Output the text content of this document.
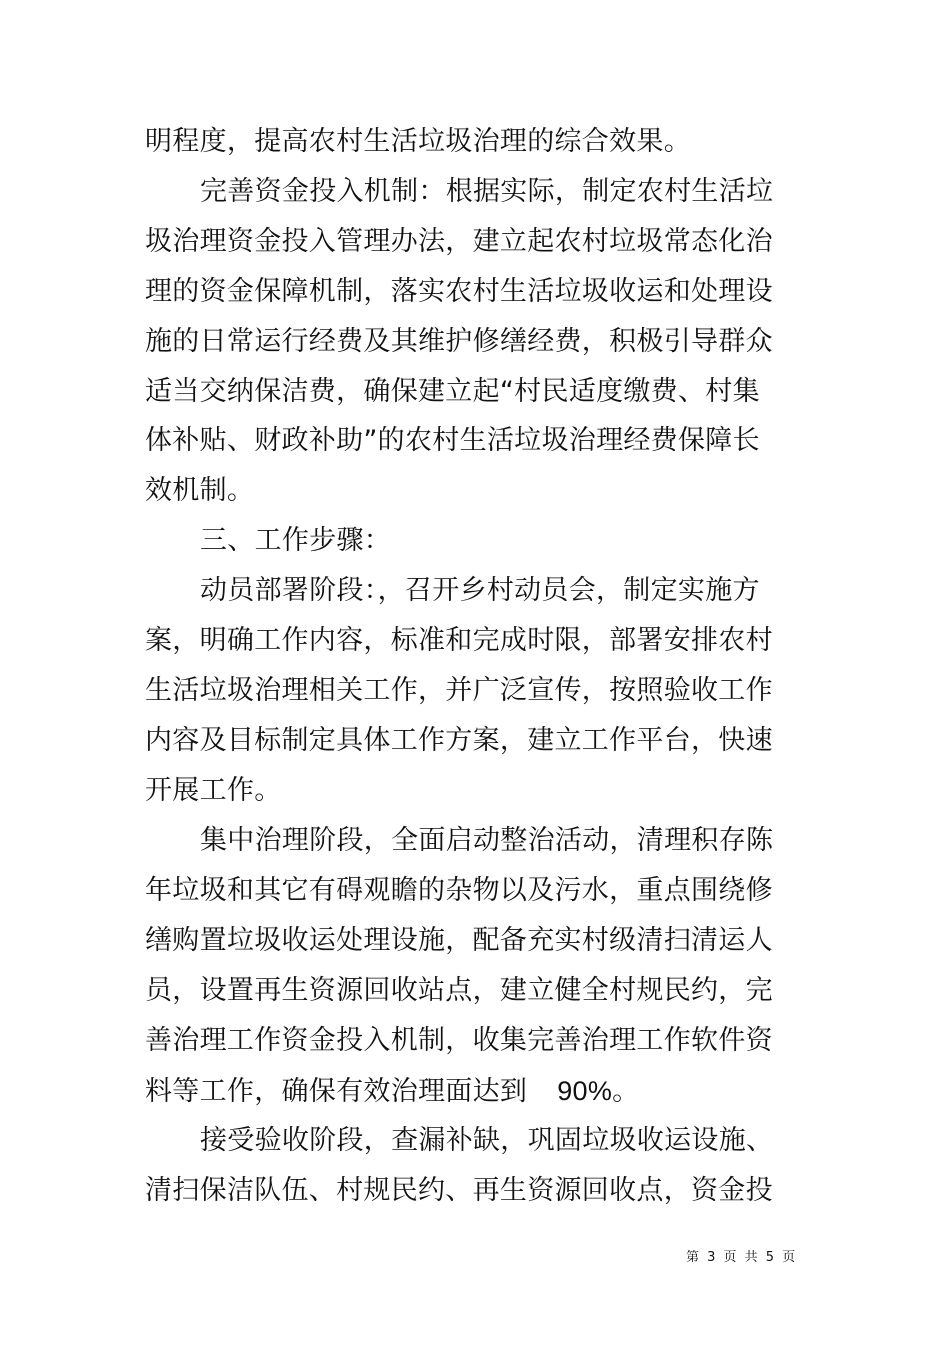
明程度，提高农村生活垃圾治理的综合效果。
完善资金投入机制：根据实际，制定农村生活垃
圾治理资金投入管理办法，建立起农村垃圾常态化治
理的资金保障机制，落实农村生活垃圾收运和处理设
施的日常运行经费及其维护修缮经费，积极引导群众
适当交纳保洁费，确保建立起“村民适度缴费、村集
体补贴、财政补助”的农村生活垃圾治理经费保障长
效机制。
三、工作步骤：
动员部署阶段：，召开乡村动员会，制定实施方
案，明确工作内容，标准和完成时限，部署安排农村
生活垃圾治理相关工作，并广泛宣传，按照验收工作
内容及目标制定具体工作方案，建立工作平台，快速
开展工作。
集中治理阶段，全面启动整治活动，清理积存陈
年垃圾和其它有碍观瞻的杂物以及污水，重点围绕修
缮购置垃圾收运处理设施，配备充实村级清扫清运人
员，设置再生资源回收站点，建立健全村规民约，完
善治理工作资金投入机制，收集完善治理工作软件资
料等工作，确保有效治理面达到 90%。
接受验收阶段，查漏补缺，巩固垃圾收运设施、
清扫保洁队伍、村规民约、再生资源回收点，资金投
第 3 页 共 5 页
